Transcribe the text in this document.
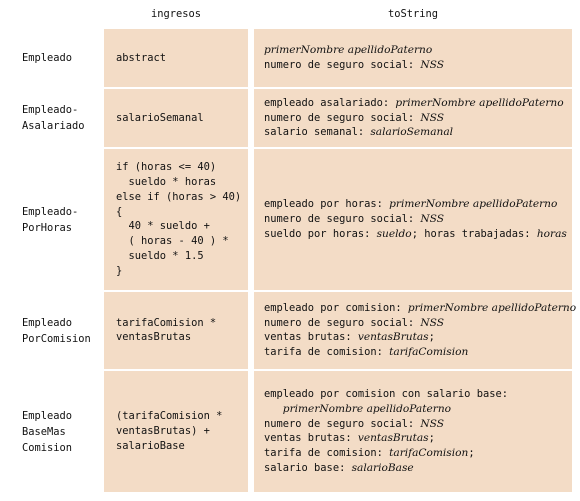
ingresos	toString
Empleado	abstract
primerNombre apellidoPaterno
numero de seguro social: NSS
Empleado-
Asalariado
salarioSemanal
empleado asalariado: primerNombre apellidoPaterno
numero de seguro social: NSS
salario semanal: salarioSemanal
Empleado-
PorHoras
if (horas <= 40)
sueldo * horas
else if (horas > 40)
{
40 * sueldo +
( horas - 40 ) *
sueldo * 1.5
}
empleado por horas: primerNombre apellidoPaterno
numero de seguro social: NSS
sueldo por horas: sueldo; horas trabajadas: horas
Empleado
PorComision
tarifaComision *
ventasBrutas
empleado por comision: primerNombre apellidoPaterno
numero de seguro social: NSS
ventas brutas: ventasBrutas;
tarifa de comision: tarifaComision
Empleado
BaseMas
Comision
(tarifaComision *
ventasBrutas) +
salarioBase
empleado por comision con salario base:
primerNombre apellidoPaterno
numero de seguro social: NSS
ventas brutas: ventasBrutas;
tarifa de comision: tarifaComision;
salario base: salarioBase
